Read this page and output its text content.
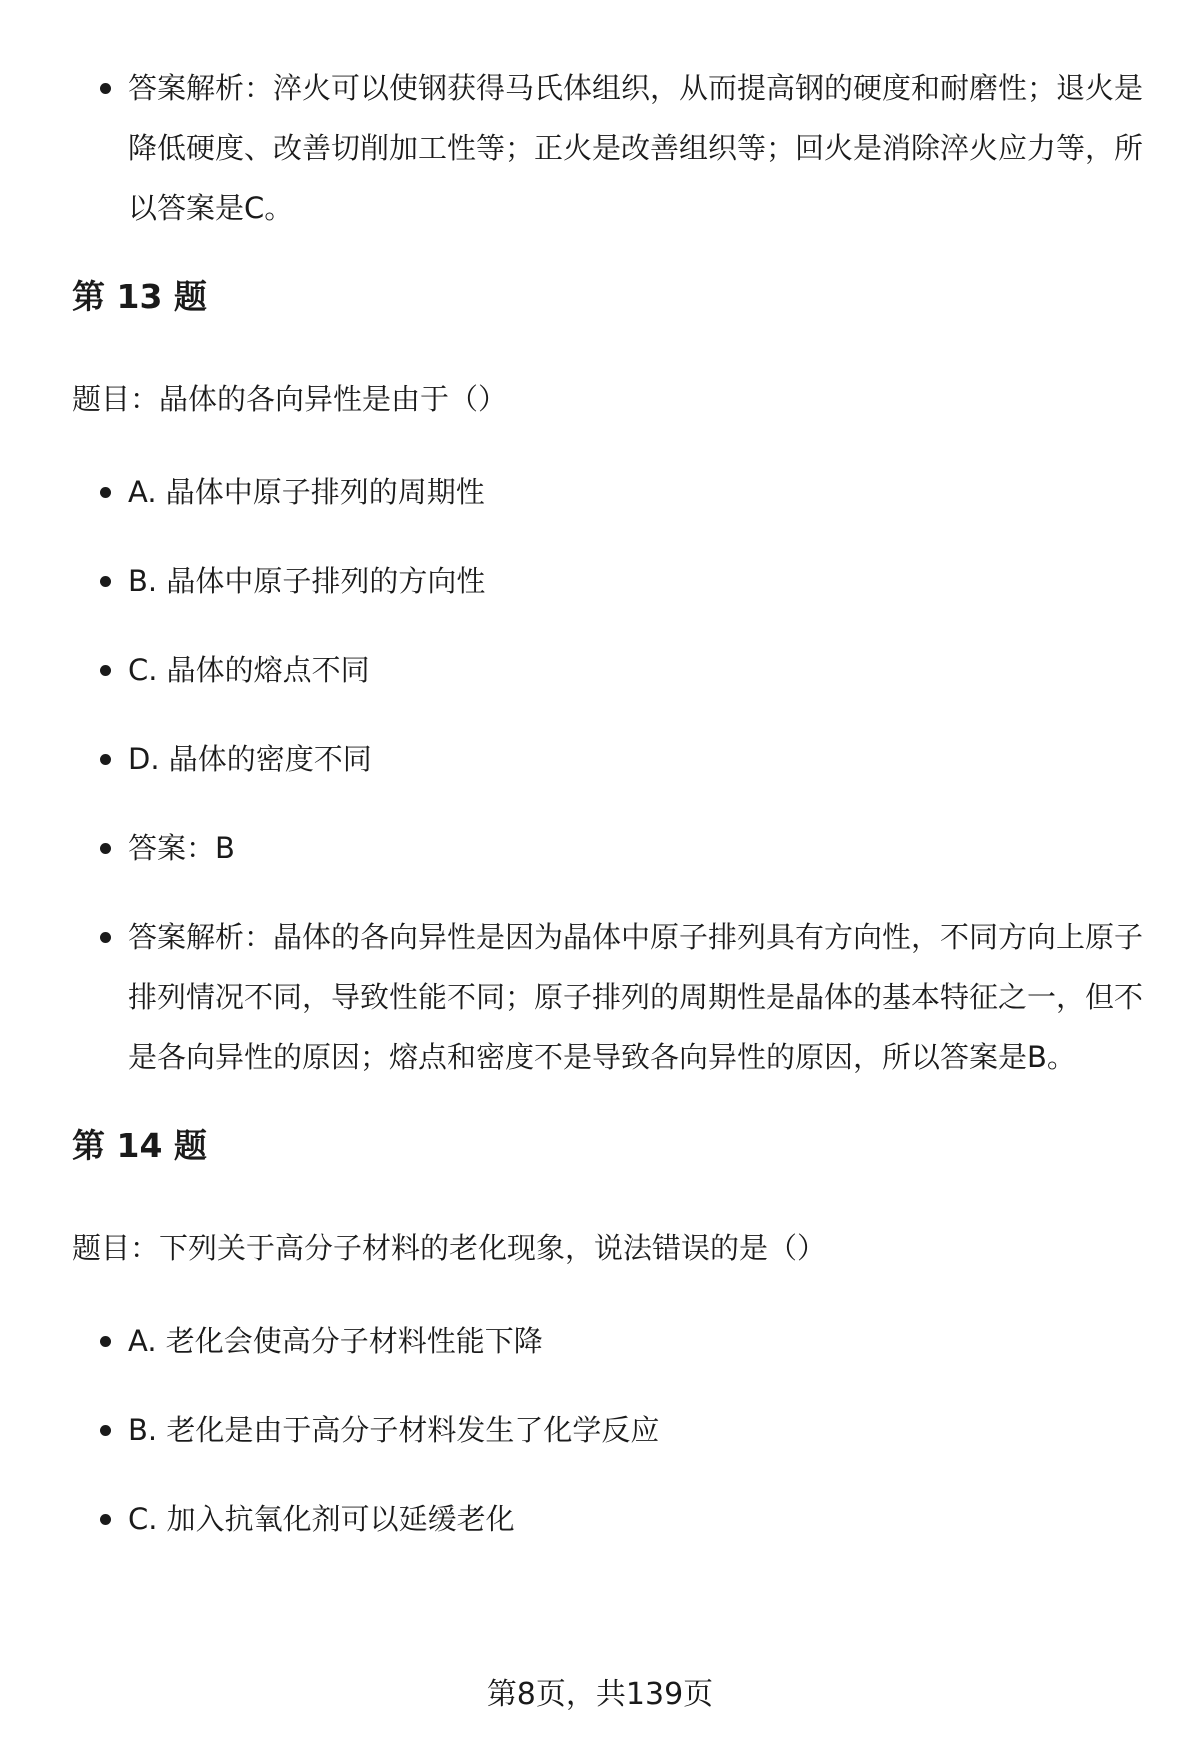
答案解析：淬火可以使钢获得马氏体组织，从而提高钢的硬度和耐磨性；退火是降低硬度、改善切削加工性等；正火是改善组织等；回火是消除淬火应力等，所以答案是C。
第 13 题
题目：晶体的各向异性是由于（）
A. 晶体中原子排列的周期性
B. 晶体中原子排列的方向性
C. 晶体的熔点不同
D. 晶体的密度不同
答案：B
答案解析：晶体的各向异性是因为晶体中原子排列具有方向性，不同方向上原子排列情况不同，导致性能不同；原子排列的周期性是晶体的基本特征之一，但不是各向异性的原因；熔点和密度不是导致各向异性的原因，所以答案是B。
第 14 题
题目：下列关于高分子材料的老化现象，说法错误的是（）
A. 老化会使高分子材料性能下降
B. 老化是由于高分子材料发生了化学反应
C. 加入抗氧化剂可以延缓老化
第8页，共139页
